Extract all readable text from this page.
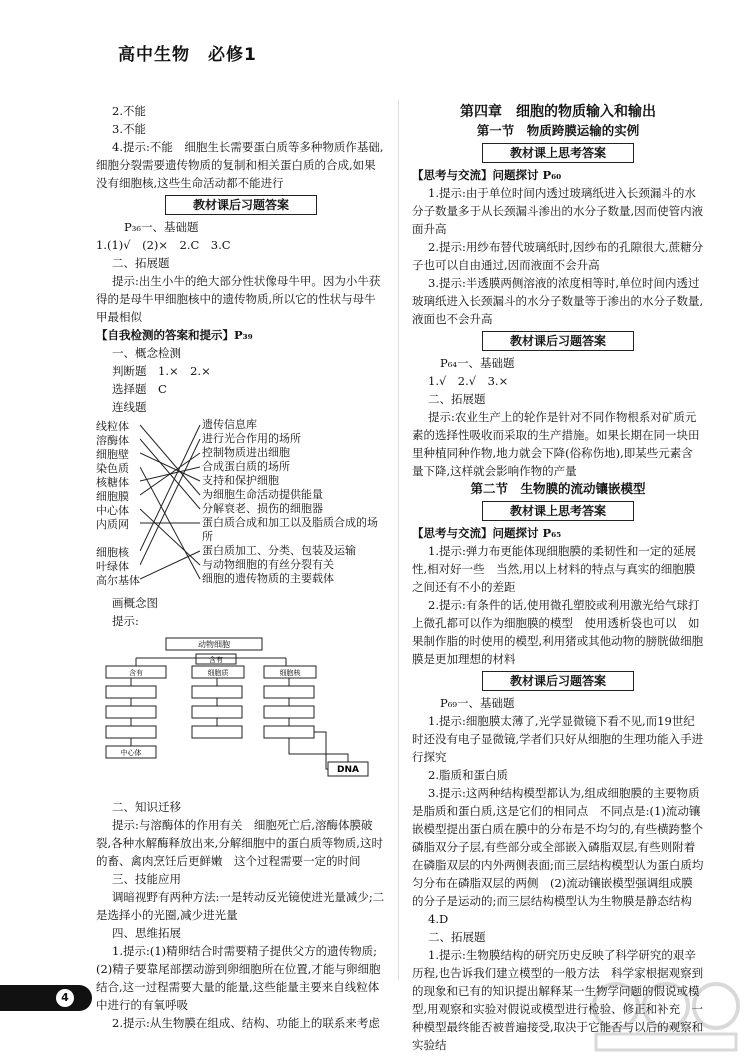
高中生物　必修1

2.不能

3.不能

4.提示:不能　细胞生长需要蛋白质等多种物质作基础,细胞分裂需要遗传物质的复制和相关蛋白质的合成,如果没有细胞核,这些生命活动都不能进行

教材课后习题答案

P₃₆一、基础题

1.(1)√　(2)×　2.C　3.C

二、拓展题

提示:出生小牛的绝大部分性状像母牛甲。因为小牛获得的是母牛甲细胞核中的遗传物质,所以它的性状与母牛甲最相似

【自我检测的答案和提示】P₃₉

一、概念检测

判断题　1.×　2.×

选择题　C

连线题

线粒体
溶酶体
细胞壁
染色质
核糖体
细胞膜
中心体
内质网
细胞核
叶绿体
高尔基体
遗传信息库
进行光合作用的场所
控制物质进出细胞
合成蛋白质的场所
支持和保护细胞
为细胞生命活动提供能量
分解衰老、损伤的细胞器
蛋白质合成和加工以及脂质合成的场所
蛋白质加工、分类、包装及运输
与动物细胞的有丝分裂有关
细胞的遗传物质的主要载体

画概念图

提示:

动物细胞
含有
含有	细胞质	细胞核
中心体
DNA

二、知识迁移

提示:与溶酶体的作用有关　细胞死亡后,溶酶体膜破裂,各种水解酶释放出来,分解细胞中的蛋白质等物质,这时的畜、禽肉烹饪后更鲜嫩　这个过程需要一定的时间

三、技能应用

调暗视野有两种方法:一是转动反光镜使进光量减少;二是选择小的光圈,减少进光量

四、思维拓展

1.提示:(1)精卵结合时需要精子提供父方的遗传物质;(2)精子要靠尾部摆动游到卵细胞所在位置,才能与卵细胞结合,这一过程需要大量的能量,这些能量主要来自线粒体中进行的有氧呼吸

2.提示:从生物膜在组成、结构、功能上的联系来考虑

第四章　细胞的物质输入和输出

第一节　物质跨膜运输的实例

教材课上思考答案

【思考与交流】问题探讨 P₆₀

1.提示:由于单位时间内透过玻璃纸进入长颈漏斗的水分子数量多于从长颈漏斗渗出的水分子数量,因而使管内液面升高

2.提示:用纱布替代玻璃纸时,因纱布的孔隙很大,蔗糖分子也可以自由通过,因而液面不会升高

3.提示:半透膜两侧溶液的浓度相等时,单位时间内透过玻璃纸进入长颈漏斗的水分子数量等于渗出的水分子数量,液面也不会升高

教材课后习题答案

P₆₄一、基础题

1.√　2.√　3.×

二、拓展题

提示:农业生产上的轮作是针对不同作物根系对矿质元素的选择性吸收而采取的生产措施。如果长期在同一块田里种植同种作物,地力就会下降(俗称伤地),即某些元素含量下降,这样就会影响作物的产量

第二节　生物膜的流动镶嵌模型

教材课上思考答案

【思考与交流】问题探讨 P₆₅

1.提示:弹力布更能体现细胞膜的柔韧性和一定的延展性,相对好一些　当然,用以上材料的特点与真实的细胞膜之间还有不小的差距

2.提示:有条件的话,使用微孔塑胶或利用激光给气球打上微孔都可以作为细胞膜的模型　使用透析袋也可以　如果制作脂的时使用的模型,利用猪或其他动物的膀胱做细胞膜是更加理想的材料

教材课后习题答案

P₆₉一、基础题

1.提示:细胞膜太薄了,光学显微镜下看不见,而19世纪时还没有电子显微镜,学者们只好从细胞的生理功能入手进行探究

2.脂质和蛋白质

3.提示:这两种结构模型都认为,组成细胞膜的主要物质是脂质和蛋白质,这是它们的相同点　不同点是:(1)流动镶嵌模型提出蛋白质在膜中的分布是不均匀的,有些横跨整个磷脂双分子层,有些部分或全部嵌入磷脂双层,有些则附着在磷脂双层的内外两侧表面;而三层结构模型认为蛋白质均匀分布在磷脂双层的两侧　(2)流动镶嵌模型强调组成膜的分子是运动的;而三层结构模型认为生物膜是静态结构

4.D

二、拓展题

1.提示:生物膜结构的研究历史反映了科学研究的艰辛历程,也告诉我们建立模型的一般方法　科学家根据观察到的现象和已有的知识提出解释某一生物学问题的假说或模型,用观察和实验对假说或模型进行检验、修正和补充　一种模型最终能否被普遍接受,取决于它能否与以后的观察和实验结

4
